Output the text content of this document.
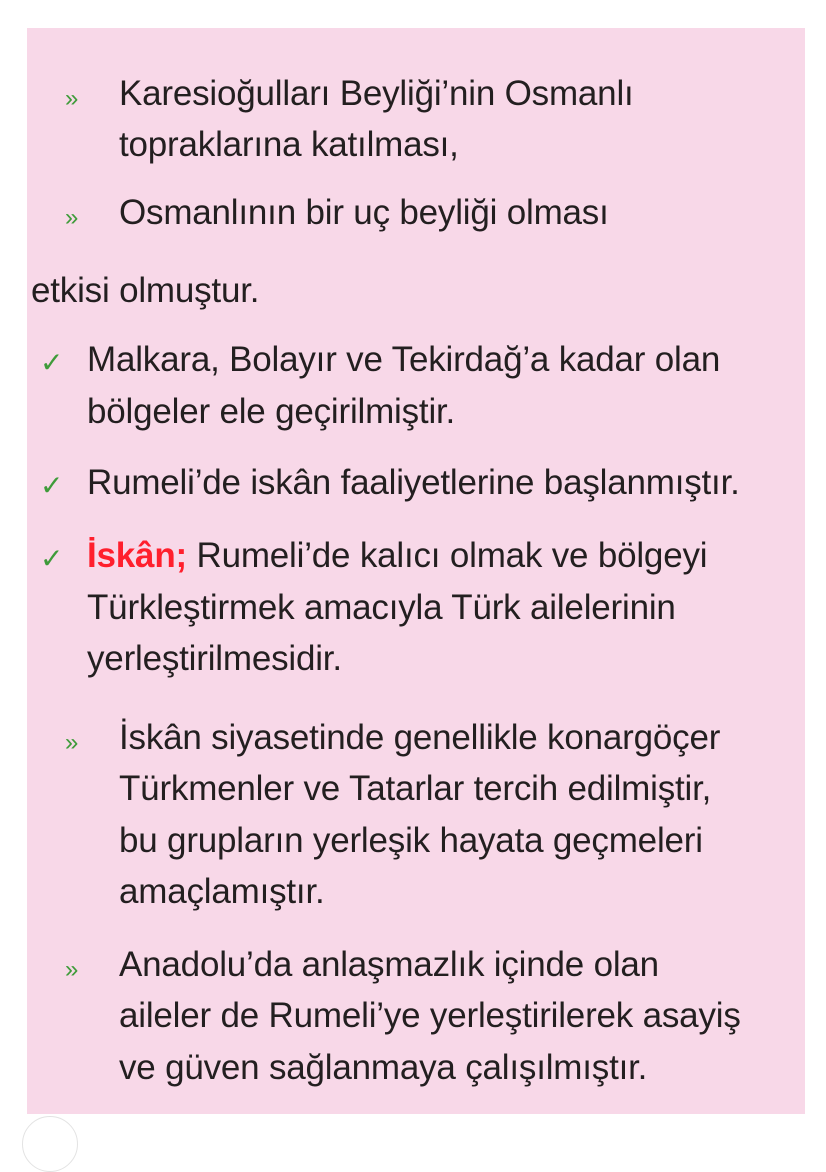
» Karesioğulları Beyliği’nin Osmanlı
topraklarına katılması,
» Osmanlının bir uç beyliği olması
etkisi olmuştur.
✓ Malkara, Bolayır ve Tekirdağ’a kadar olan
bölgeler ele geçirilmiştir.
✓ Rumeli’de iskân faaliyetlerine başlanmıştır.
✓ İskân; Rumeli’de kalıcı olmak ve bölgeyi
Türkleştirmek amacıyla Türk ailelerinin
yerleştirilmesidir.
» İskân siyasetinde genellikle konargöçer
Türkmenler ve Tatarlar tercih edilmiştir,
bu grupların yerleşik hayata geçmeleri
amaçlamıştır.
» Anadolu’da anlaşmazlık içinde olan
aileler de Rumeli’ye yerleştirilerek asayiş
ve güven sağlanmaya çalışılmıştır.
